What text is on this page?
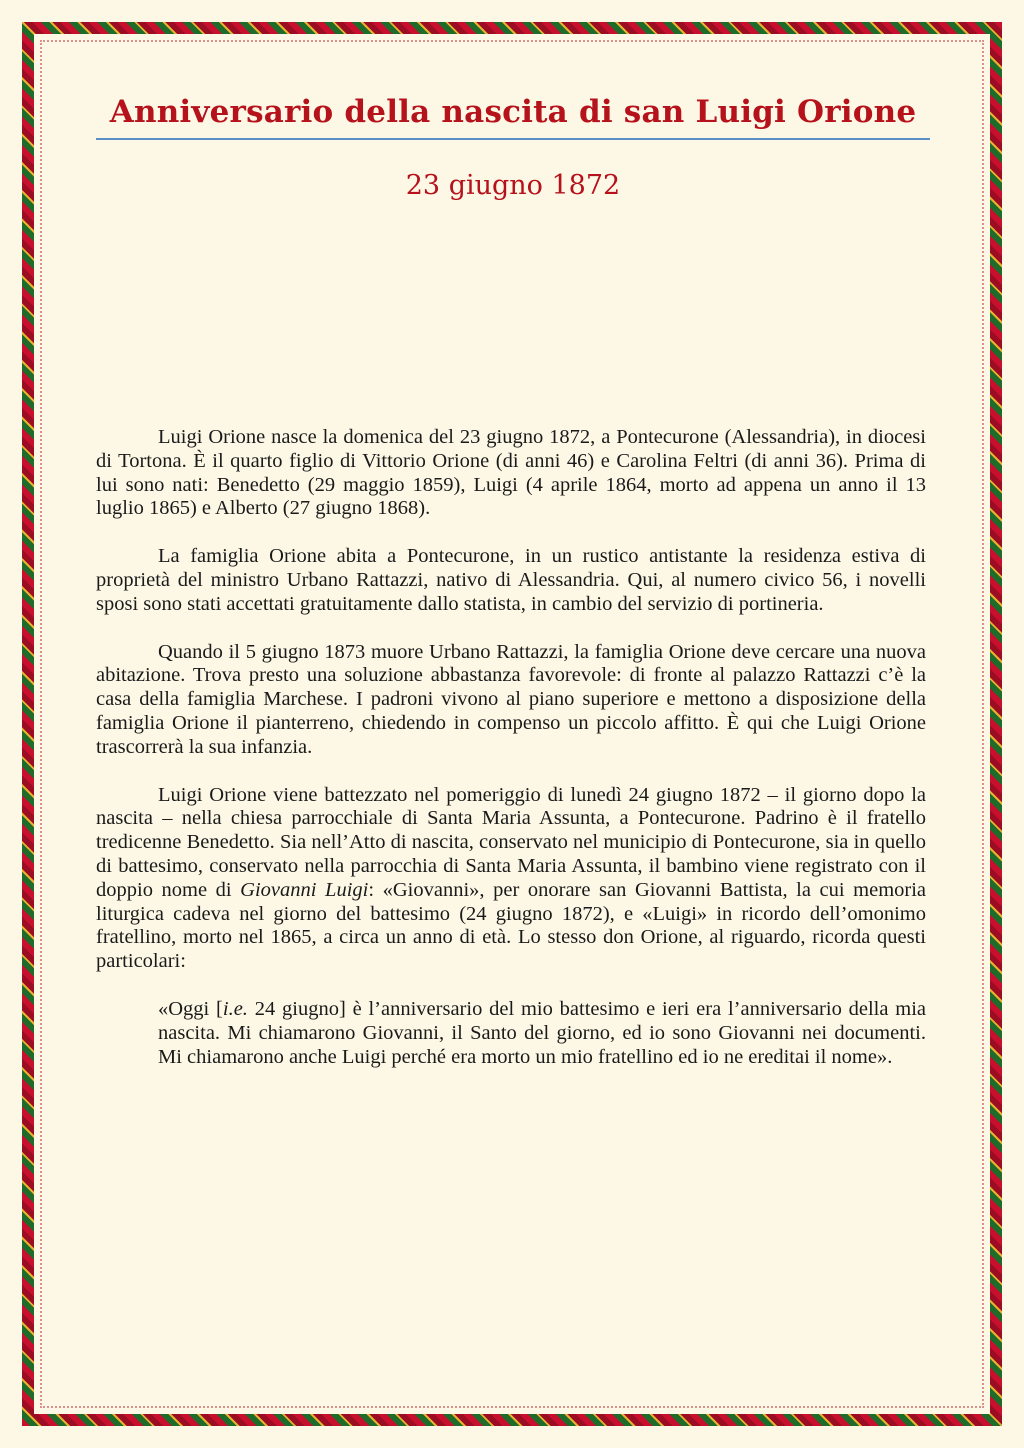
Anniversario della nascita di san Luigi Orione
23 giugno 1872

Luigi Orione nasce la domenica del 23 giugno 1872, a Pontecurone (Alessandria), in diocesi di Tortona. È il quarto figlio di Vittorio Orione (di anni 46) e Carolina Feltri (di anni 36). Prima di lui sono nati: Benedetto (29 maggio 1859), Luigi (4 aprile 1864, morto ad appena un anno il 13 luglio 1865) e Alberto (27 giugno 1868).

La famiglia Orione abita a Pontecurone, in un rustico antistante la residenza estiva di proprietà del ministro Urbano Rattazzi, nativo di Alessandria. Qui, al numero civico 56, i novelli sposi sono stati accettati gratuitamente dallo statista, in cambio del servizio di portineria.

Quando il 5 giugno 1873 muore Urbano Rattazzi, la famiglia Orione deve cercare una nuova abitazione. Trova presto una soluzione abbastanza favorevole: di fronte al palazzo Rattazzi c’è la casa della famiglia Marchese. I padroni vivono al piano superiore e mettono a disposizione della famiglia Orione il pianterreno, chiedendo in compenso un piccolo affitto. È qui che Luigi Orione trascorrerà la sua infanzia.

Luigi Orione viene battezzato nel pomeriggio di lunedì 24 giugno 1872 – il giorno dopo la nascita – nella chiesa parrocchiale di Santa Maria Assunta, a Pontecurone. Padrino è il fratello tredicenne Benedetto. Sia nell’Atto di nascita, conservato nel municipio di Pontecurone, sia in quello di battesimo, conservato nella parrocchia di Santa Maria Assunta, il bambino viene registrato con il doppio nome di Giovanni Luigi: «Giovanni», per onorare san Giovanni Battista, la cui memoria liturgica cadeva nel giorno del battesimo (24 giugno 1872), e «Luigi» in ricordo dell’omonimo fratellino, morto nel 1865, a circa un anno di età. Lo stesso don Orione, al riguardo, ricorda questi particolari:

«Oggi [i.e. 24 giugno] è l’anniversario del mio battesimo e ieri era l’anniversario della mia nascita. Mi chiamarono Giovanni, il Santo del giorno, ed io sono Giovanni nei documenti. Mi chiamarono anche Luigi perché era morto un mio fratellino ed io ne ereditai il nome».
